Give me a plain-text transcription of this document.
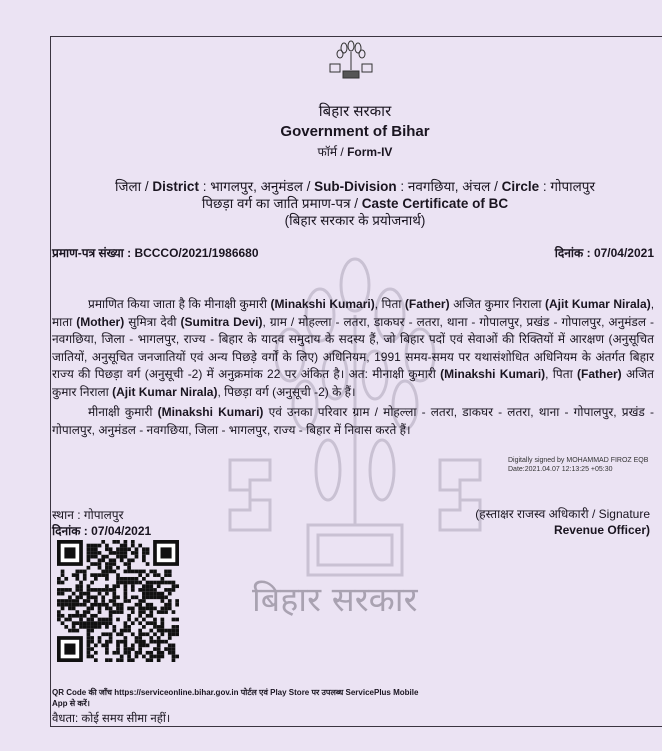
बिहार सरकार
Government of Bihar
फॉर्म / Form-IV
जिला / District : भागलपुर, अनुमंडल / Sub-Division : नवगछिया, अंचल / Circle : गोपालपुर
पिछड़ा वर्ग का जाति प्रमाण-पत्र / Caste Certificate of BC
(बिहार सरकार के प्रयोजनार्थ)
प्रमाण-पत्र संख्या : BCCCO/2021/1986680	दिनांक : 07/04/2021
बिहार सरकार
प्रमाणित किया जाता है कि मीनाक्षी कुमारी (Minakshi Kumari), पिता (Father) अजित कुमार निराला (Ajit Kumar Nirala), माता (Mother) सुमित्रा देवी (Sumitra Devi), ग्राम / मोहल्ला - लतरा, डाकघर - लतरा, थाना - गोपालपुर, प्रखंड - गोपालपुर, अनुमंडल - नवगछिया, जिला - भागलपुर, राज्य - बिहार के यादव समुदाय के सदस्य हैं, जो बिहार पदों एवं सेवाओं की रिक्तियों में आरक्षण (अनुसूचित जातियों, अनुसूचित जनजातियों एवं अन्य पिछड़े वर्गों के लिए) अधिनियम, 1991 समय-समय पर यथासंशोधित अधिनियम के अंतर्गत बिहार राज्य की पिछड़ा वर्ग (अनुसूची -2) में अनुक्रमांक 22 पर अंकित है। अत: मीनाक्षी कुमारी (Minakshi Kumari), पिता (Father) अजित कुमार निराला (Ajit Kumar Nirala), पिछड़ा वर्ग (अनुसूची -2) के हैं।
मीनाक्षी कुमारी (Minakshi Kumari) एवं उनका परिवार ग्राम / मोहल्ला - लतरा, डाकघर - लतरा, थाना - गोपालपुर, प्रखंड - गोपालपुर, अनुमंडल - नवगछिया, जिला - भागलपुर, राज्य - बिहार में निवास करते हैं।
Digitally signed by MOHAMMAD FIROZ EQB
Date:2021.04.07 12:13:25 +05:30
स्थान : गोपालपुर
दिनांक : 07/04/2021
(हस्ताक्षर राजस्व अधिकारी / Signature
Revenue Officer)
QR Code की जाँच https://serviceonline.bihar.gov.in पोर्टल एवं Play Store पर उपलब्ध ServicePlus Mobile App से करें।
वैधता: कोई समय सीमा नहीं।
